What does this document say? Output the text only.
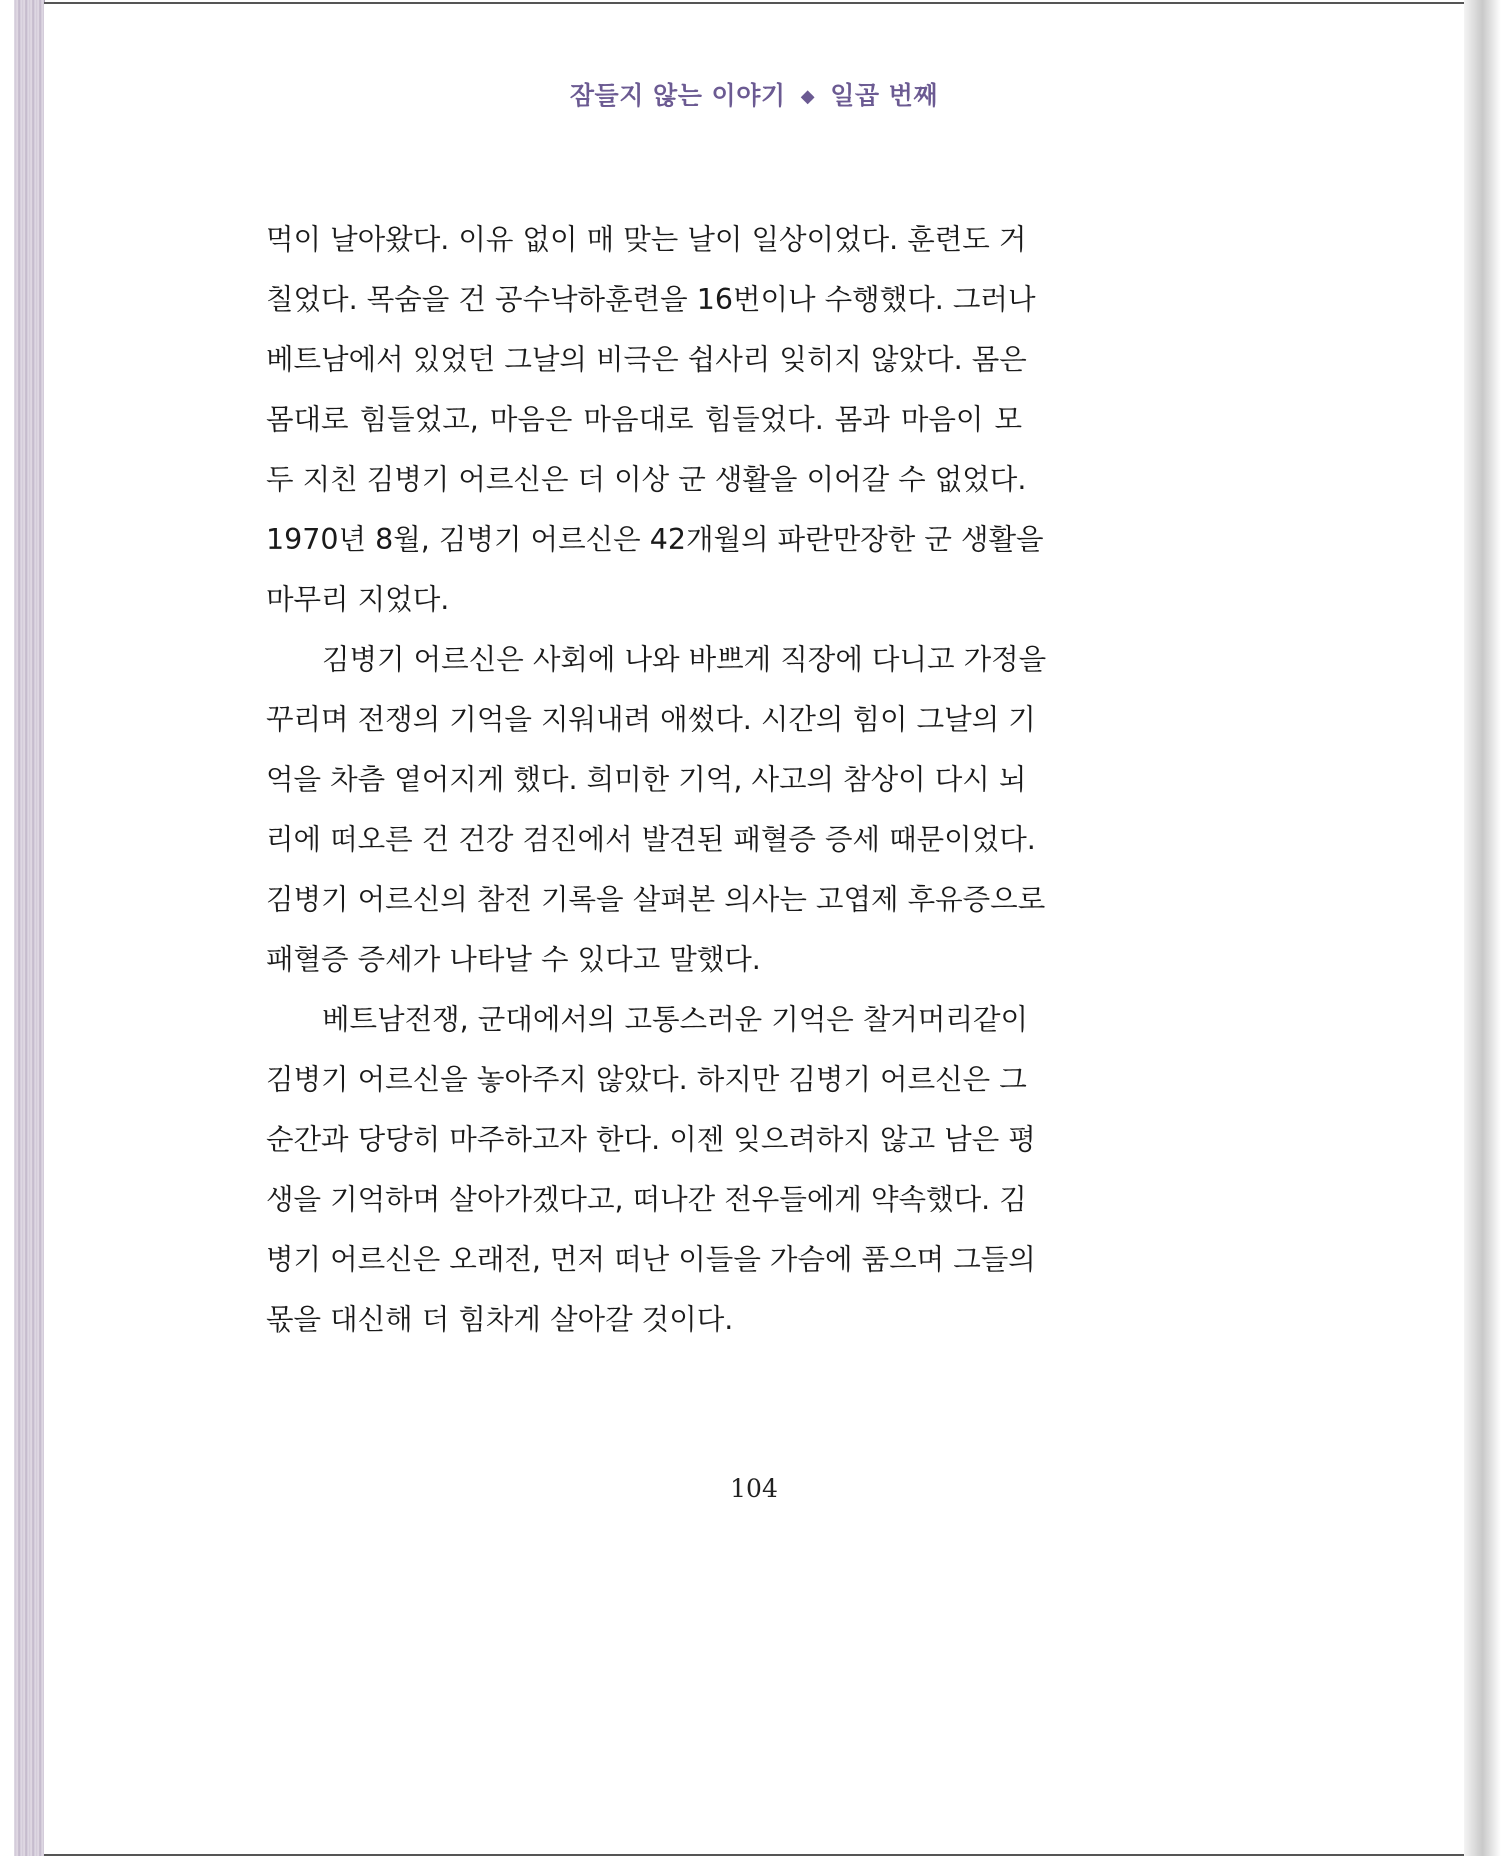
잠들지 않는 이야기 ◆ 일곱 번째
먹이 날아왔다. 이유 없이 매 맞는 날이 일상이었다. 훈련도 거
칠었다. 목숨을 건 공수낙하훈련을 16번이나 수행했다. 그러나
베트남에서 있었던 그날의 비극은 쉽사리 잊히지 않았다. 몸은
몸대로 힘들었고, 마음은 마음대로 힘들었다. 몸과 마음이 모
두 지친 김병기 어르신은 더 이상 군 생활을 이어갈 수 없었다.
1970년 8월, 김병기 어르신은 42개월의 파란만장한 군 생활을
마무리 지었다.
김병기 어르신은 사회에 나와 바쁘게 직장에 다니고 가정을
꾸리며 전쟁의 기억을 지워내려 애썼다. 시간의 힘이 그날의 기
억을 차츰 옅어지게 했다. 희미한 기억, 사고의 참상이 다시 뇌
리에 떠오른 건 건강 검진에서 발견된 패혈증 증세 때문이었다.
김병기 어르신의 참전 기록을 살펴본 의사는 고엽제 후유증으로
패혈증 증세가 나타날 수 있다고 말했다.
베트남전쟁, 군대에서의 고통스러운 기억은 찰거머리같이
김병기 어르신을 놓아주지 않았다. 하지만 김병기 어르신은 그
순간과 당당히 마주하고자 한다. 이젠 잊으려하지 않고 남은 평
생을 기억하며 살아가겠다고, 떠나간 전우들에게 약속했다. 김
병기 어르신은 오래전, 먼저 떠난 이들을 가슴에 품으며 그들의
몫을 대신해 더 힘차게 살아갈 것이다.
104
